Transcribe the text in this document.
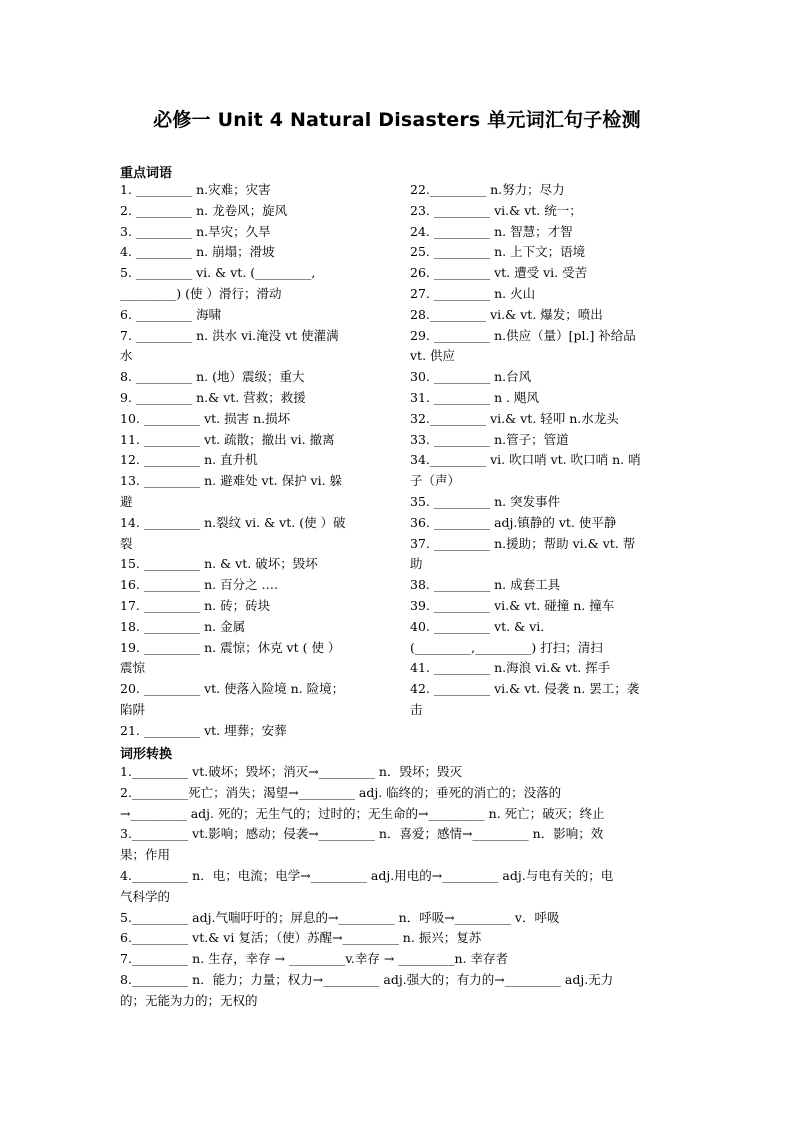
必修一 Unit 4 Natural Disasters 单元词汇句子检测
重点词语
1. _________ n.灾难；灾害
2. _________ n. 龙卷风；旋风
3. _________ n.旱灾；久旱
4. _________ n. 崩塌；滑坡
5. _________ vi. & vt. (_________,
_________) (使 ）滑行；滑动
6. _________ 海啸
7. _________ n. 洪水 vi.淹没 vt 使灌满
水
8. _________ n. (地）震级；重大
9. _________ n.& vt. 营救；救援
10. _________ vt. 损害 n.损坏
11. _________ vt. 疏散；撤出 vi. 撤离
12. _________ n. 直升机
13. _________ n. 避难处 vt. 保护 vi. 躲
避
14. _________ n.裂纹 vi. & vt. (使 ）破
裂
15. _________ n. & vt. 破坏；毁坏
16. _________ n. 百分之 ….
17. _________ n. 砖；砖块
18. _________ n. 金属
19. _________ n. 震惊；休克 vt ( 使 ）
震惊
20. _________ vt. 使落入险境 n. 险境；
陷阱
21. _________ vt. 埋葬；安葬
22._________ n.努力；尽力
23. _________ vi.& vt. 统一；
24. _________ n. 智慧；才智
25. _________ n. 上下文；语境
26. _________ vt. 遭受 vi. 受苦
27. _________ n. 火山
28._________ vi.& vt. 爆发；喷出
29. _________ n.供应（量）[pl.] 补给品
vt. 供应
30. _________ n.台风
31. _________ n . 飓风
32._________ vi.& vt. 轻叩 n.水龙头
33. _________ n.管子；管道
34._________ vi. 吹口哨 vt. 吹口哨 n. 哨
子（声）
35. _________ n. 突发事件
36. _________ adj.镇静的 vt. 使平静
37. _________ n.援助；帮助 vi.& vt. 帮
助
38. _________ n. 成套工具
39. _________ vi.& vt. 碰撞 n. 撞车
40. _________ vt. & vi.
(_________,_________) 打扫；清扫
41. _________ n.海浪 vi.& vt. 挥手
42. _________ vi.& vt. 侵袭 n. 罢工；袭
击
词形转换
1._________ vt.破坏；毁坏；消灭→_________ n．毁坏；毁灭
2._________死亡；消失；渴望→_________ adj. 临终的；垂死的消亡的；没落的
→_________ adj. 死的；无生气的；过时的；无生命的→_________ n. 死亡；破灭；终止
3._________ vt.影响；感动；侵袭→_________ n．喜爱；感情→_________ n．影响；效
果；作用
4._________ n．电；电流；电学→_________ adj.用电的→_________ adj.与电有关的；电
气科学的
5._________ adj.气喘吁吁的；屏息的→_________ n．呼吸→_________ v．呼吸
6._________ vt.& vi 复活；（使）苏醒→_________ n. 振兴；复苏
7._________ n. 生存，幸存 → _________v.幸存 → _________n. 幸存者
8._________ n．能力；力量；权力→_________ adj.强大的；有力的→_________ adj.无力
的；无能为力的；无权的
